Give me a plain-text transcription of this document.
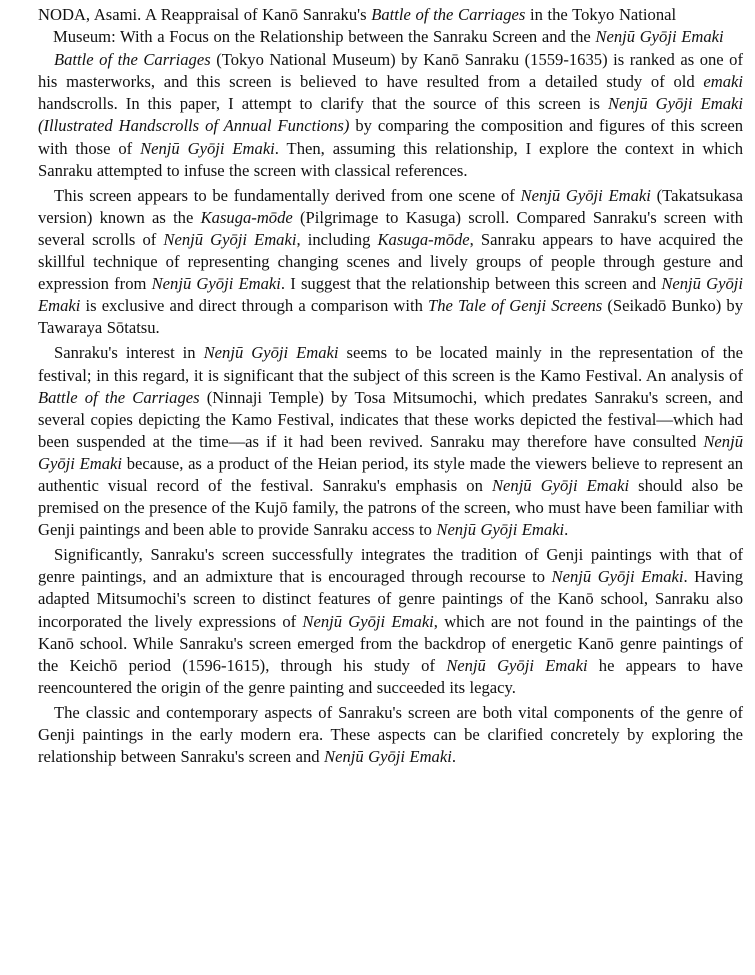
NODA, Asami. A Reappraisal of Kanō Sanraku's Battle of the Carriages in the Tokyo National Museum: With a Focus on the Relationship between the Sanraku Screen and the Nenjū Gyōji Emaki

Battle of the Carriages (Tokyo National Museum) by Kanō Sanraku (1559-1635) is ranked as one of his masterworks, and this screen is believed to have resulted from a detailed study of old emaki handscrolls. In this paper, I attempt to clarify that the source of this screen is Nenjū Gyōji Emaki (Illustrated Handscrolls of Annual Functions) by comparing the composition and figures of this screen with those of Nenjū Gyōji Emaki. Then, assuming this relationship, I explore the context in which Sanraku attempted to infuse the screen with classical references.

This screen appears to be fundamentally derived from one scene of Nenjū Gyōji Emaki (Takatsukasa version) known as the Kasuga-mōde (Pilgrimage to Kasuga) scroll. Compared Sanraku's screen with several scrolls of Nenjū Gyōji Emaki, including Kasuga-mōde, Sanraku appears to have acquired the skillful technique of representing changing scenes and lively groups of people through gesture and expression from Nenjū Gyōji Emaki. I suggest that the relationship between this screen and Nenjū Gyōji Emaki is exclusive and direct through a comparison with The Tale of Genji Screens (Seikadō Bunko) by Tawaraya Sōtatsu.

Sanraku's interest in Nenjū Gyōji Emaki seems to be located mainly in the representation of the festival; in this regard, it is significant that the subject of this screen is the Kamo Festival. An analysis of Battle of the Carriages (Ninnaji Temple) by Tosa Mitsumochi, which predates Sanraku's screen, and several copies depicting the Kamo Festival, indicates that these works depicted the festival—which had been suspended at the time—as if it had been revived. Sanraku may therefore have consulted Nenjū Gyōji Emaki because, as a product of the Heian period, its style made the viewers believe to represent an authentic visual record of the festival. Sanraku's emphasis on Nenjū Gyōji Emaki should also be premised on the presence of the Kujō family, the patrons of the screen, who must have been familiar with Genji paintings and been able to provide Sanraku access to Nenjū Gyōji Emaki.

Significantly, Sanraku's screen successfully integrates the tradition of Genji paintings with that of genre paintings, and an admixture that is encouraged through recourse to Nenjū Gyōji Emaki. Having adapted Mitsumochi's screen to distinct features of genre paintings of the Kanō school, Sanraku also incorporated the lively expressions of Nenjū Gyōji Emaki, which are not found in the paintings of the Kanō school. While Sanraku's screen emerged from the backdrop of energetic Kanō genre paintings of the Keichō period (1596-1615), through his study of Nenjū Gyōji Emaki he appears to have reencountered the origin of the genre painting and succeeded its legacy.

The classic and contemporary aspects of Sanraku's screen are both vital components of the genre of Genji paintings in the early modern era. These aspects can be clarified concretely by exploring the relationship between Sanraku's screen and Nenjū Gyōji Emaki.
